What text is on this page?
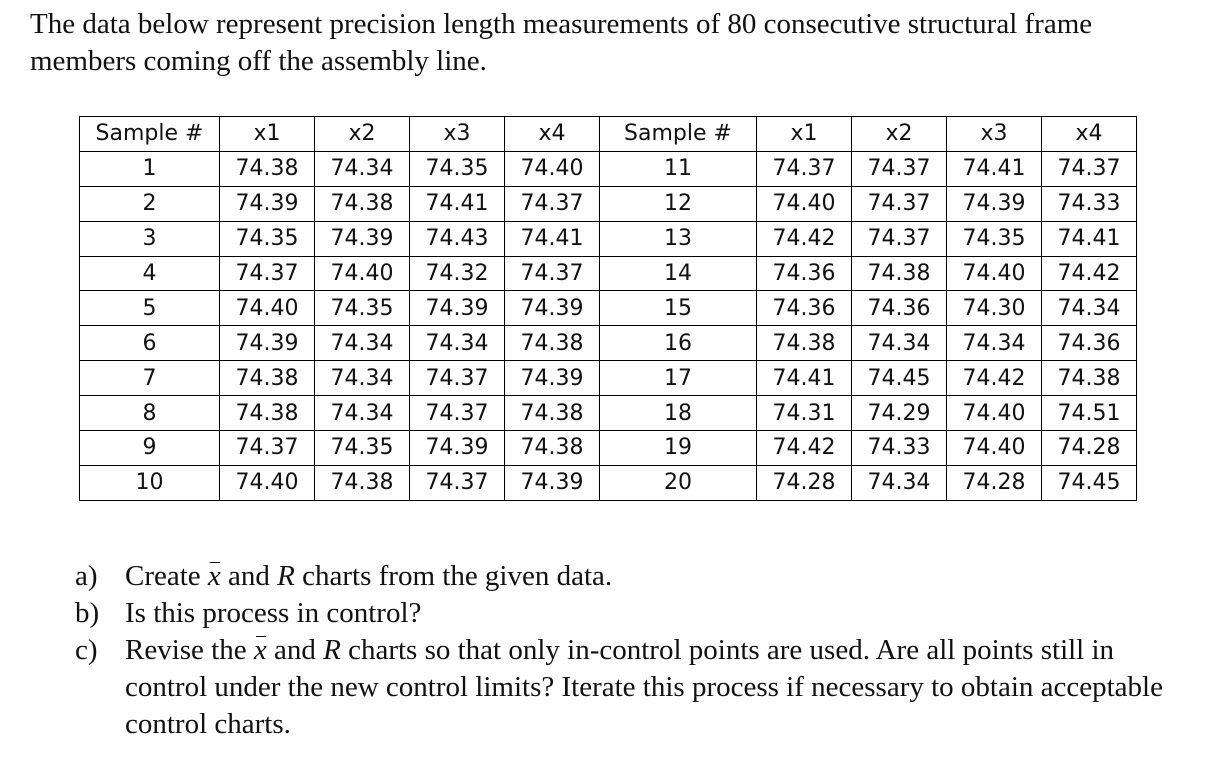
The data below represent precision length measurements of 80 consecutive structural frame members coming off the assembly line.

Sample #	x1	x2	x3	x4	Sample #	x1	x2	x3	x4
1	74.38	74.34	74.35	74.40	11	74.37	74.37	74.41	74.37
2	74.39	74.38	74.41	74.37	12	74.40	74.37	74.39	74.33
3	74.35	74.39	74.43	74.41	13	74.42	74.37	74.35	74.41
4	74.37	74.40	74.32	74.37	14	74.36	74.38	74.40	74.42
5	74.40	74.35	74.39	74.39	15	74.36	74.36	74.30	74.34
6	74.39	74.34	74.34	74.38	16	74.38	74.34	74.34	74.36
7	74.38	74.34	74.37	74.39	17	74.41	74.45	74.42	74.38
8	74.38	74.34	74.37	74.38	18	74.31	74.29	74.40	74.51
9	74.37	74.35	74.39	74.38	19	74.42	74.33	74.40	74.28
10	74.40	74.38	74.37	74.39	20	74.28	74.34	74.28	74.45
a) Create x and R charts from the given data.
b) Is this process in control?
c) Revise the x and R charts so that only in-control points are used. Are all points still in control under the new control limits? Iterate this process if necessary to obtain acceptable control charts.
